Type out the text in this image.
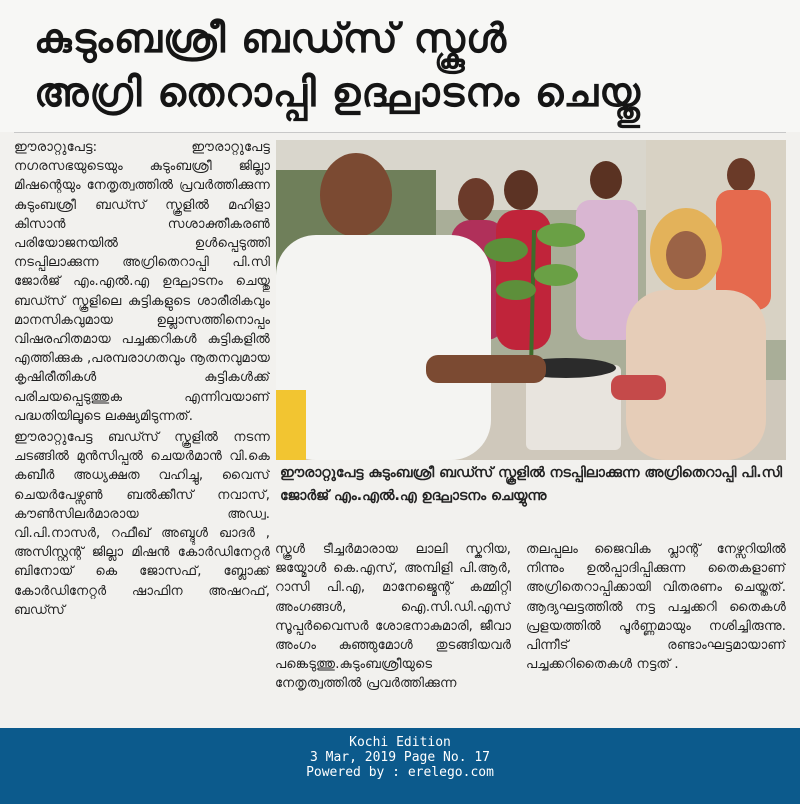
കുടുംബശ്രീ ബഡ്സ് സ്കൂൾ
അഗ്രി തെറാപ്പി ഉദ്ഘാടനം ചെയ്തു

ഈരാറ്റുപേട്ട: ഈരാറ്റുപേട്ട നഗരസഭയുടെയും കുടുംബശ്രീ ജില്ലാ മിഷന്റെയും നേതൃത്വത്തിൽ പ്രവർത്തിക്കുന്ന കുടുംബശ്രീ ബഡ്സ് സ്കൂളിൽ മഹിളാ കിസാൻ സശാക്തീകരൺ പരിയോജനയിൽ ഉൾപ്പെടുത്തി നടപ്പിലാക്കുന്ന അഗ്രിതെറാപ്പി പി.സി ജോർജ് എം.എൽ.എ ഉദ്ഘാടനം ചെയ്തു ബഡ്സ് സ്കൂളിലെ കുട്ടികളുടെ ശാരീരികവും മാനസികവുമായ ഉല്ലാസത്തിനൊപ്പം വിഷരഹിതമായ പച്ചക്കറികൾ കുട്ടികളിൽ എത്തിക്കുക ,പരമ്പരാഗതവും നൂതനവുമായ കൃഷിരീതികൾ കുട്ടികൾക്ക് പരിചയപ്പെടുത്തുക എന്നിവയാണ് പദ്ധതിയിലൂടെ ലക്ഷ്യമിടുന്നത്.

ഈരാറ്റുപേട്ട ബഡ്സ് സ്കൂളിൽ നടന്ന ചടങ്ങിൽ മുൻസിപ്പൽ ചെയർമാൻ വി.കെ കബീർ അധ്യക്ഷത വഹിച്ചു, വൈസ് ചെയർപേഴ്സൺ ബൽക്കീസ് നവാസ്, കൗൺസിലർമാരായ അഡ്വ. വി.പി.നാസർ, റഫീഖ് അബ്ദുൾ ഖാദർ , അസിസ്റ്റന്റ് ജില്ലാ മിഷൻ കോർഡിനേറ്റർ ബിനോയ് കെ ജോസഫ്, ബ്ലോക്ക് കോർഡിനേറ്റർ ഷാഫിന അഷറഫ്, ബഡ്സ്

ഈരാറ്റുപേട്ട കുടുംബശ്രീ ബഡ്സ് സ്കൂളിൽ നടപ്പിലാക്കുന്ന അഗ്രിതെറാപ്പി പി.സി ജോർജ് എം.എൽ.എ ഉദ്ഘാടനം ചെയ്യുന്നു

സ്കൂൾ ടീച്ചർമാരായ ലാലി സ്കറിയ, ജയ്മോൾ കെ.എസ്, അമ്പിളി പി.ആർ, റാസി പി.എ, മാനേജ്മെന്റ് കമ്മിറ്റി അംഗങ്ങൾ, ഐ.സി.ഡി.എസ് സൂപ്പർവൈസർ ശോഭനാകുമാരി, ജീവാ അംഗം കുഞ്ഞുമോൾ തുടങ്ങിയവർ പങ്കെടുത്തു.കുടുംബശ്രീയുടെ നേതൃത്വത്തിൽ പ്രവർത്തിക്കുന്ന

തലപ്പലം ജൈവിക പ്ലാന്റ് നേഴ്സറിയിൽ നിന്നും ഉൽപ്പാദിപ്പിക്കുന്ന തൈകളാണ് അഗ്രിതെറാപ്പിക്കായി വിതരണം ചെയ്തത്. ആദ്യഘട്ടത്തിൽ നട്ട പച്ചക്കറി തൈകൾ പ്രളയത്തിൽ പൂർണ്ണമായും നശിച്ചിരുന്നു. പിന്നീട് രണ്ടാംഘട്ടമായാണ് പച്ചക്കറിതൈകൾ നട്ടത് .

Kochi Edition
3 Mar, 2019 Page No. 17
Powered by : erelego.com
